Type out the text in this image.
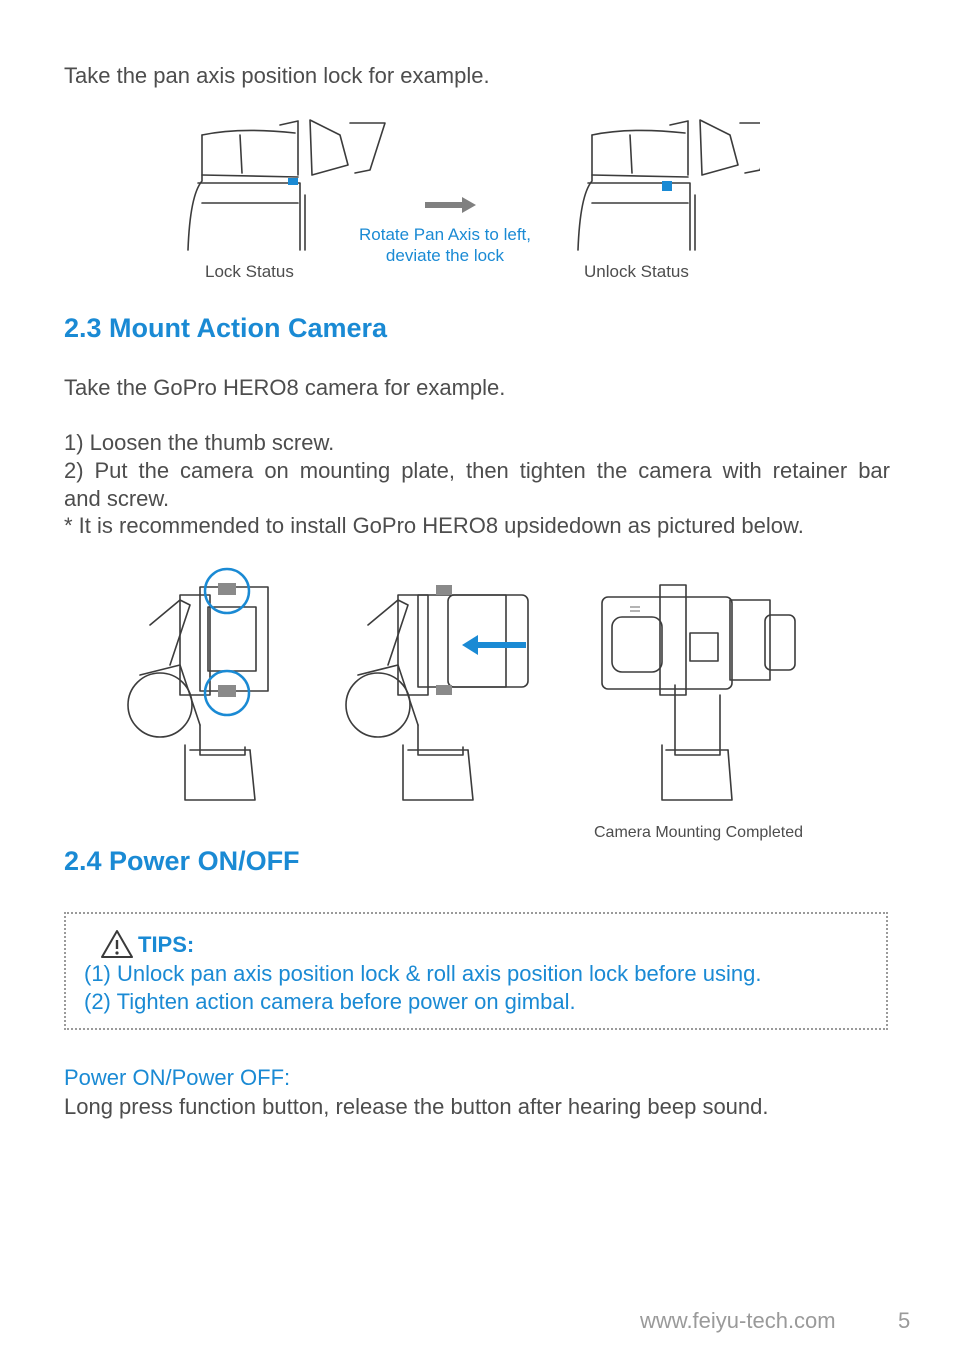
Take the pan axis position lock for example.
Rotate Pan Axis to left,
deviate the lock
Lock Status	Unlock Status
2.3 Mount Action Camera
Take the GoPro HERO8 camera for example.
1) Loosen the thumb screw.
2) Put the camera on mounting plate, then tighten the camera with retainer bar
and screw.
* It is recommended to install GoPro HERO8 upsidedown as pictured below.
Camera Mounting Completed
2.4 Power ON/OFF
TIPS:
(1) Unlock pan axis position lock & roll axis position lock before using.
(2) Tighten action camera before power on gimbal.
Power ON/Power OFF:
Long press function button, release the button after hearing beep sound.
www.feiyu-tech.com	5
